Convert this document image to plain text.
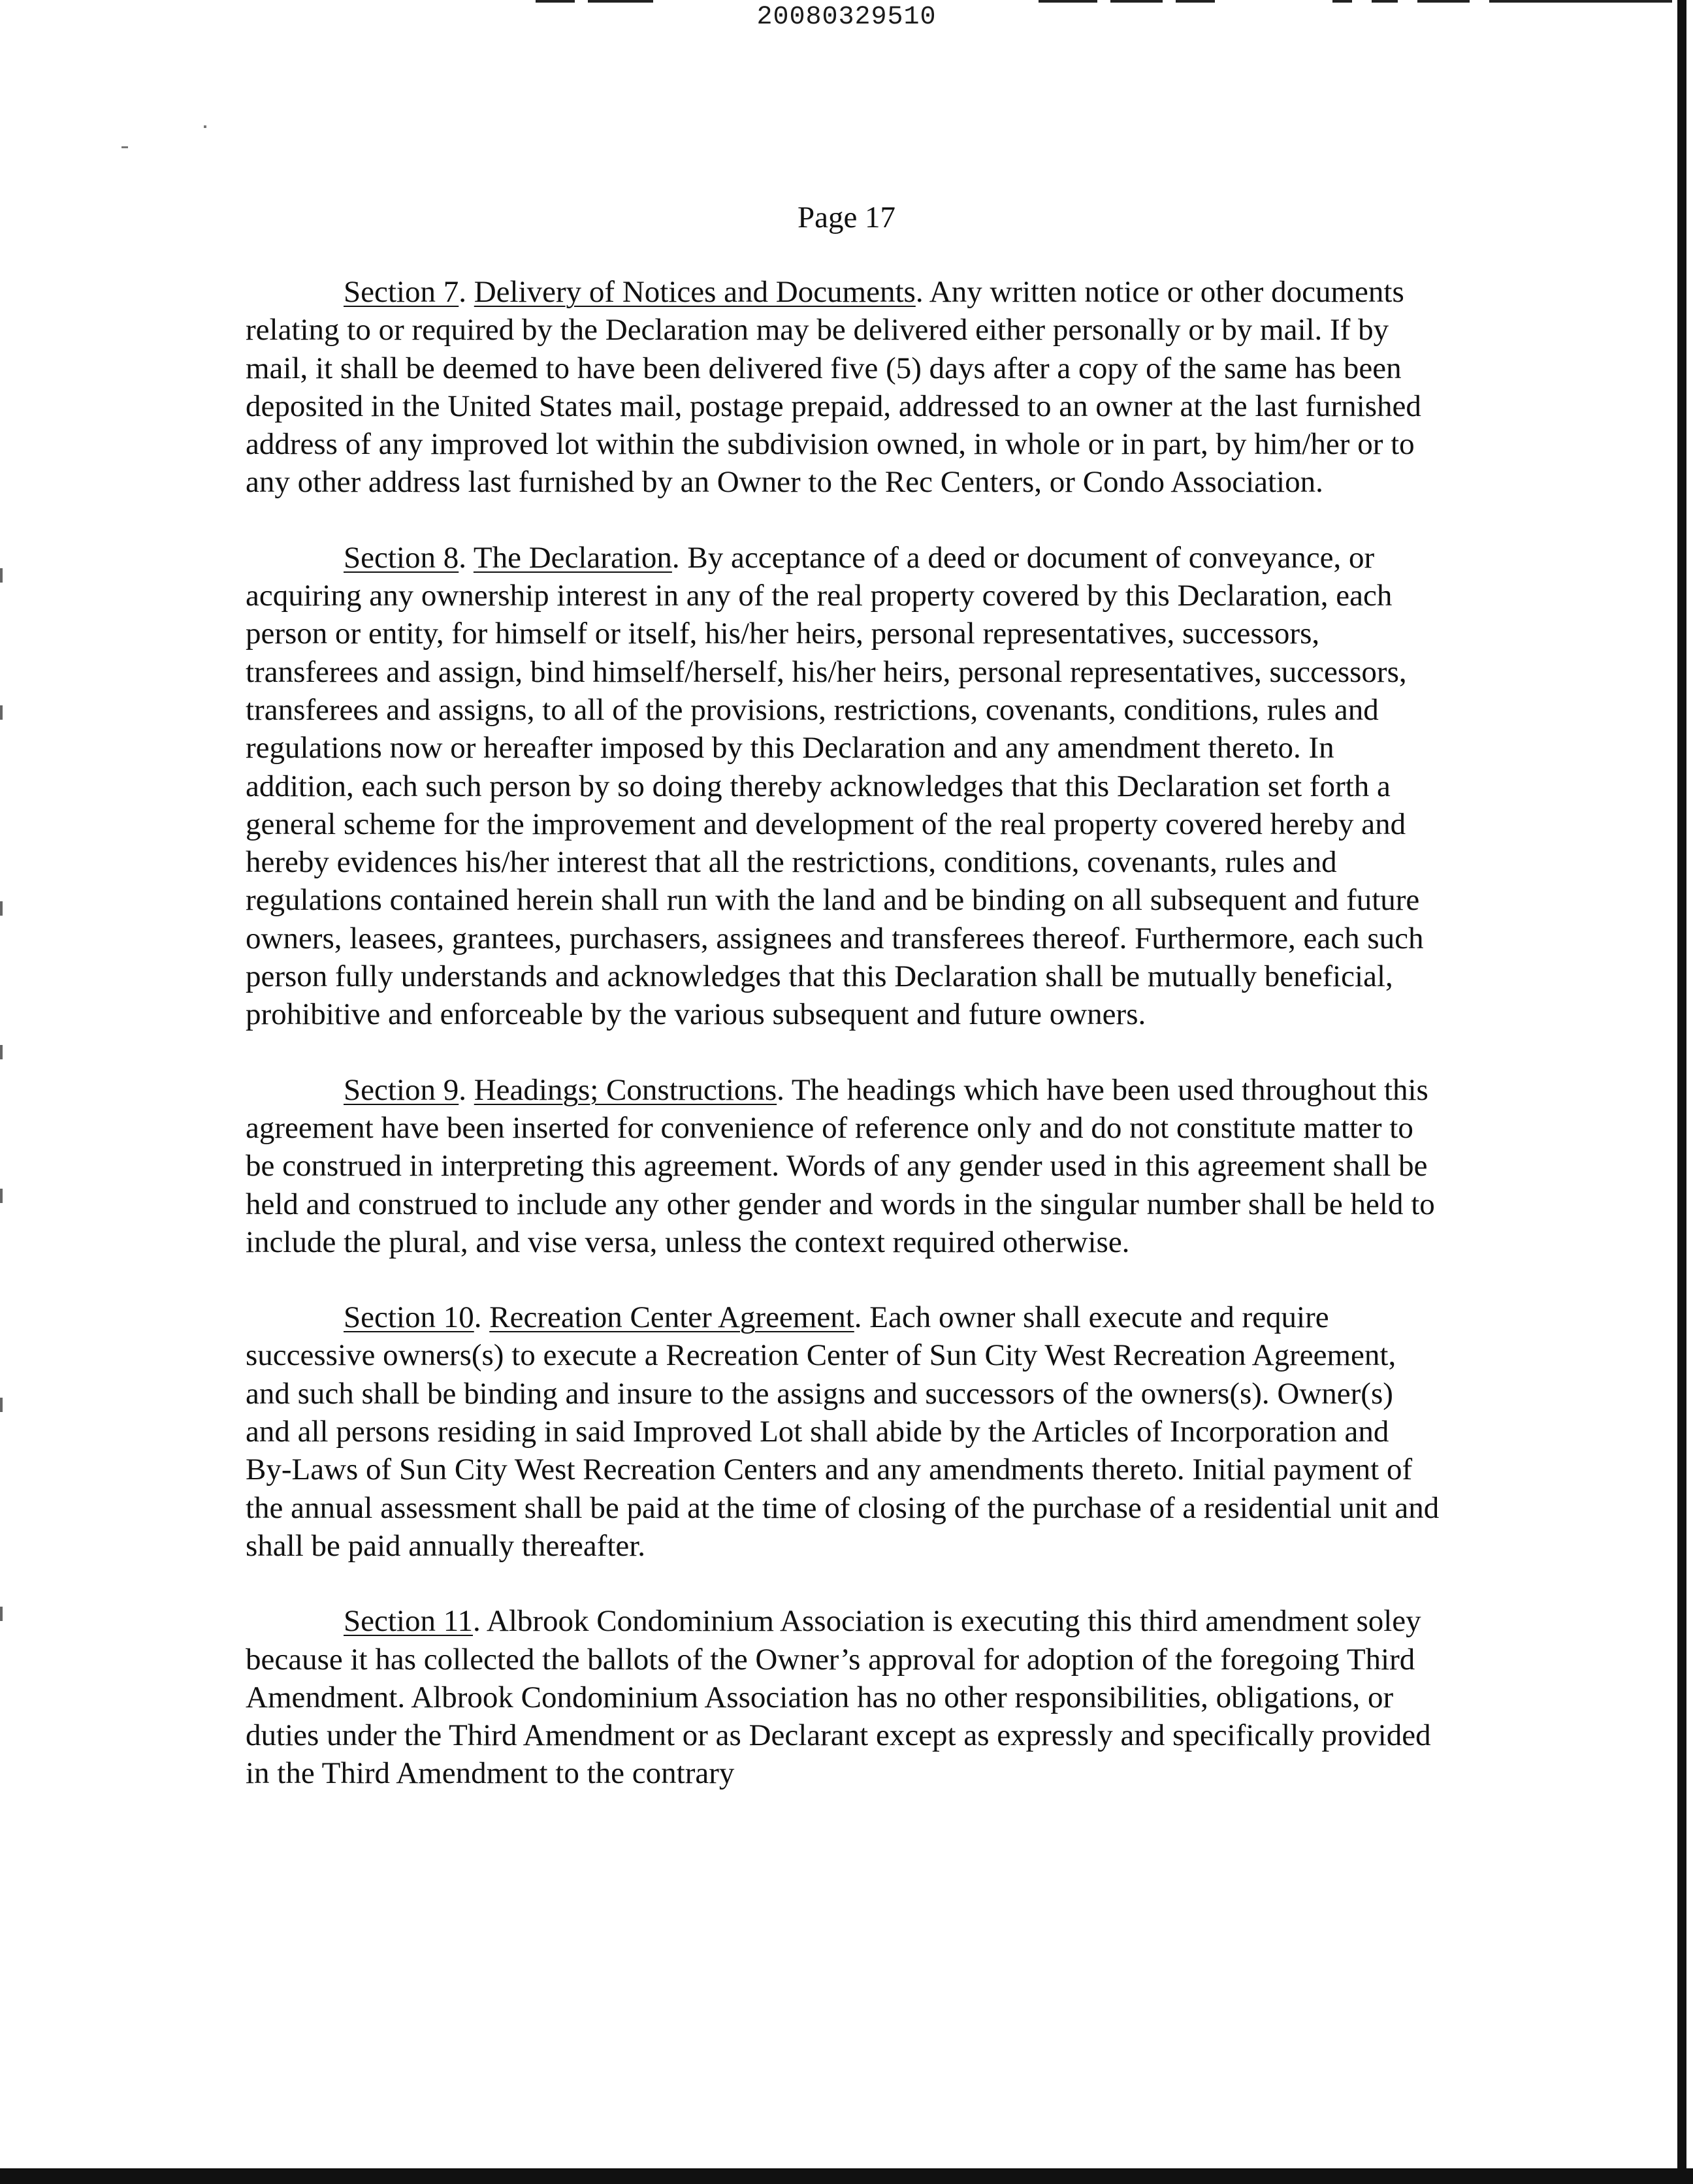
20080329510
Page 17

Section 7. Delivery of Notices and Documents. Any written notice or other documents relating to or required by the Declaration may be delivered either personally or by mail. If by mail, it shall be deemed to have been delivered five (5) days after a copy of the same has been deposited in the United States mail, postage prepaid, addressed to an owner at the last furnished address of any improved lot within the subdivision owned, in whole or in part, by him/her or to any other address last furnished by an Owner to the Rec Centers, or Condo Association.

Section 8. The Declaration. By acceptance of a deed or document of conveyance, or acquiring any ownership interest in any of the real property covered by this Declaration, each person or entity, for himself or itself, his/her heirs, personal representatives, successors, transferees and assign, bind himself/herself, his/her heirs, personal representatives, successors, transferees and assigns, to all of the provisions, restrictions, covenants, conditions, rules and regulations now or hereafter imposed by this Declaration and any amendment thereto. In addition, each such person by so doing thereby acknowledges that this Declaration set forth a general scheme for the improvement and development of the real property covered hereby and hereby evidences his/her interest that all the restrictions, conditions, covenants, rules and regulations contained herein shall run with the land and be binding on all subsequent and future owners, leasees, grantees, purchasers, assignees and transferees thereof. Furthermore, each such person fully understands and acknowledges that this Declaration shall be mutually beneficial, prohibitive and enforceable by the various subsequent and future owners.

Section 9. Headings; Constructions. The headings which have been used throughout this agreement have been inserted for convenience of reference only and do not constitute matter to be construed in interpreting this agreement. Words of any gender used in this agreement shall be held and construed to include any other gender and words in the singular number shall be held to include the plural, and vise versa, unless the context required otherwise.

Section 10. Recreation Center Agreement. Each owner shall execute and require successive owners(s) to execute a Recreation Center of Sun City West Recreation Agreement, and such shall be binding and insure to the assigns and successors of the owners(s). Owner(s) and all persons residing in said Improved Lot shall abide by the Articles of Incorporation and By-Laws of Sun City West Recreation Centers and any amendments thereto. Initial payment of the annual assessment shall be paid at the time of closing of the purchase of a residential unit and shall be paid annually thereafter.

Section 11. Albrook Condominium Association is executing this third amendment soley because it has collected the ballots of the Owner’s approval for adoption of the foregoing Third Amendment. Albrook Condominium Association has no other responsibilities, obligations, or duties under the Third Amendment or as Declarant except as expressly and specifically provided in the Third Amendment to the contrary
